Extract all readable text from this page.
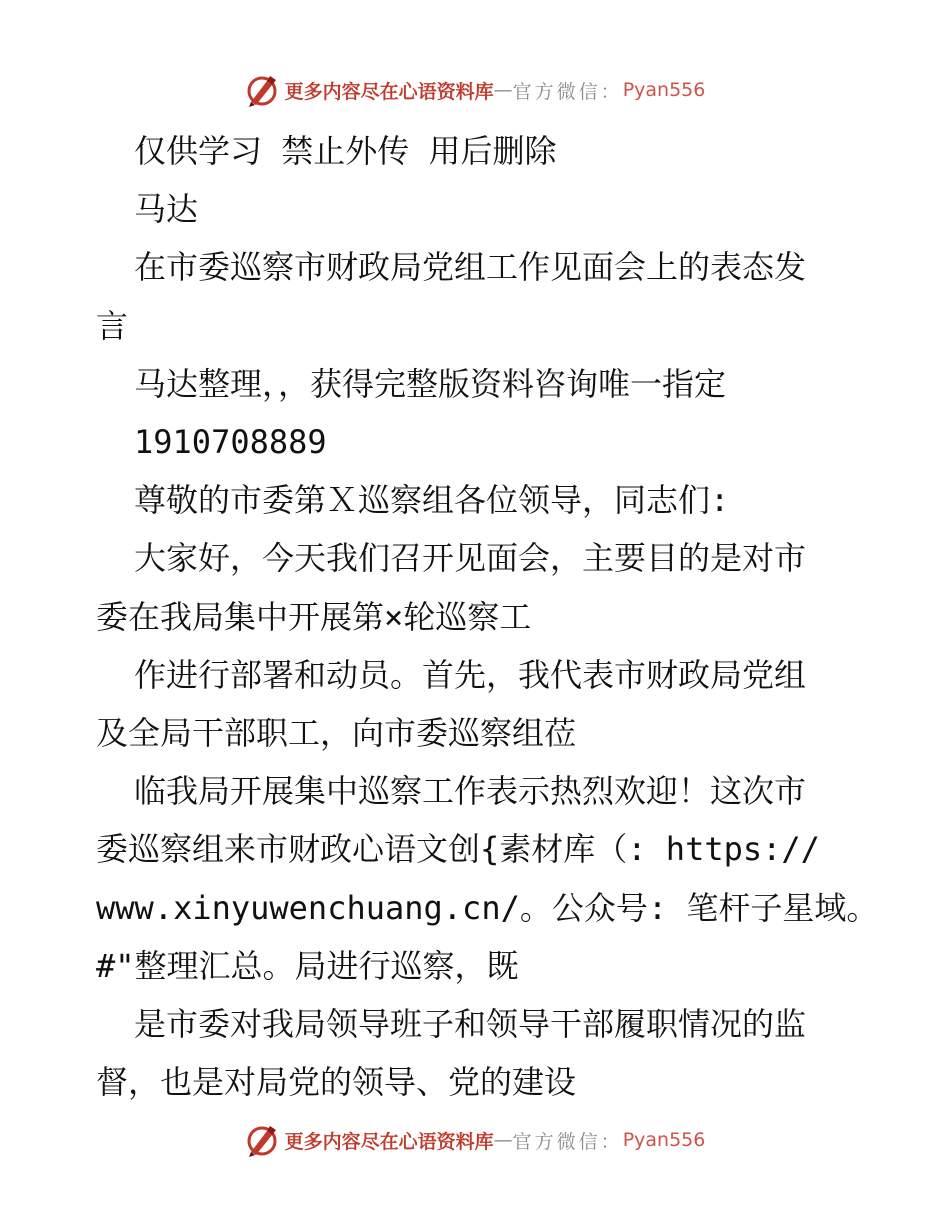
更多内容尽在心语资料库 — 官方微信： Pyan556

仅供学习 禁止外传 用后删除

马达

在市委巡察市财政局党组工作见面会上的表态发

言

马达整理，，获得完整版资料咨询唯一指定

1910708889

尊敬的市委第Ｘ巡察组各位领导，同志们:

大家好，今天我们召开见面会，主要目的是对市

委在我局集中开展第×轮巡察工

作进行部署和动员。首先，我代表市财政局党组

及全局干部职工，向市委巡察组莅

临我局开展集中巡察工作表示热烈欢迎！这次市

委巡察组来市财政心语文创{素材库（: https://

www.xinyuwenchuang.cn/。公众号: 笔杆子星域。

#"整理汇总。局进行巡察，既

是市委对我局领导班子和领导干部履职情况的监

督，也是对局党的领导、党的建设

更多内容尽在心语资料库 — 官方微信： Pyan556
